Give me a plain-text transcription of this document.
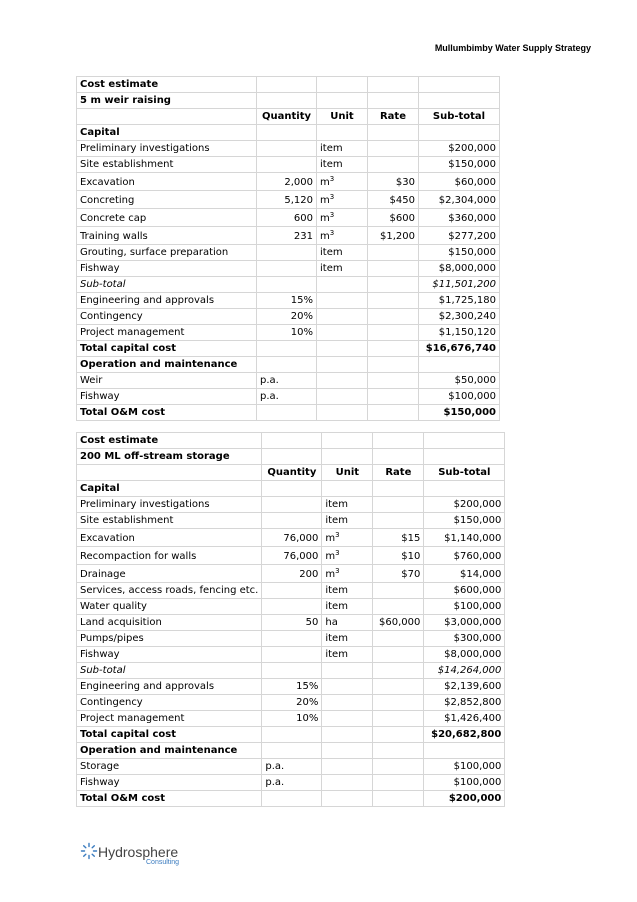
Mullumbimby Water Supply Strategy
Cost estimate				
5 m weir raising				
	Quantity	Unit	Rate	Sub-total
Capital				
Preliminary investigations		item		$200,000
Site establishment		item		$150,000
Excavation	2,000	$m^3$	$30	$60,000
Concreting	5,120	$m^3$	$450	$2,304,000
Concrete cap	600	$m^3$	$600	$360,000
Training walls	231	$m^3$	$1,200	$277,200
Grouting, surface preparation		item		$150,000
Fishway		item		$8,000,000
Sub-total				$11,501,200
Engineering and approvals	15%			$1,725,180
Contingency	20%			$2,300,240
Project management	10%			$1,150,120
Total capital cost				$16,676,740
Operation and maintenance				
Weir	p.a.			$50,000
Fishway	p.a.			$100,000
Total O&M cost				$150,000
Cost estimate				
200 ML off-stream storage				
	Quantity	Unit	Rate	Sub-total
Capital				
Preliminary investigations		item		$200,000
Site establishment		item		$150,000
Excavation	76,000	$m^3$	$15	$1,140,000
Recompaction for walls	76,000	$m^3$	$10	$760,000
Drainage	200	$m^3$	$70	$14,000
Services, access roads, fencing etc.		item		$600,000
Water quality		item		$100,000
Land acquisition	50	ha	$60,000	$3,000,000
Pumps/pipes		item		$300,000
Fishway		item		$8,000,000
Sub-total				$14,264,000
Engineering and approvals	15%			$2,139,600
Contingency	20%			$2,852,800
Project management	10%			$1,426,400
Total capital cost				$20,682,800
Operation and maintenance				
Storage	p.a.			$100,000
Fishway	p.a.			$100,000
Total O&M cost				$200,000
Hydrosphere
Consulting
